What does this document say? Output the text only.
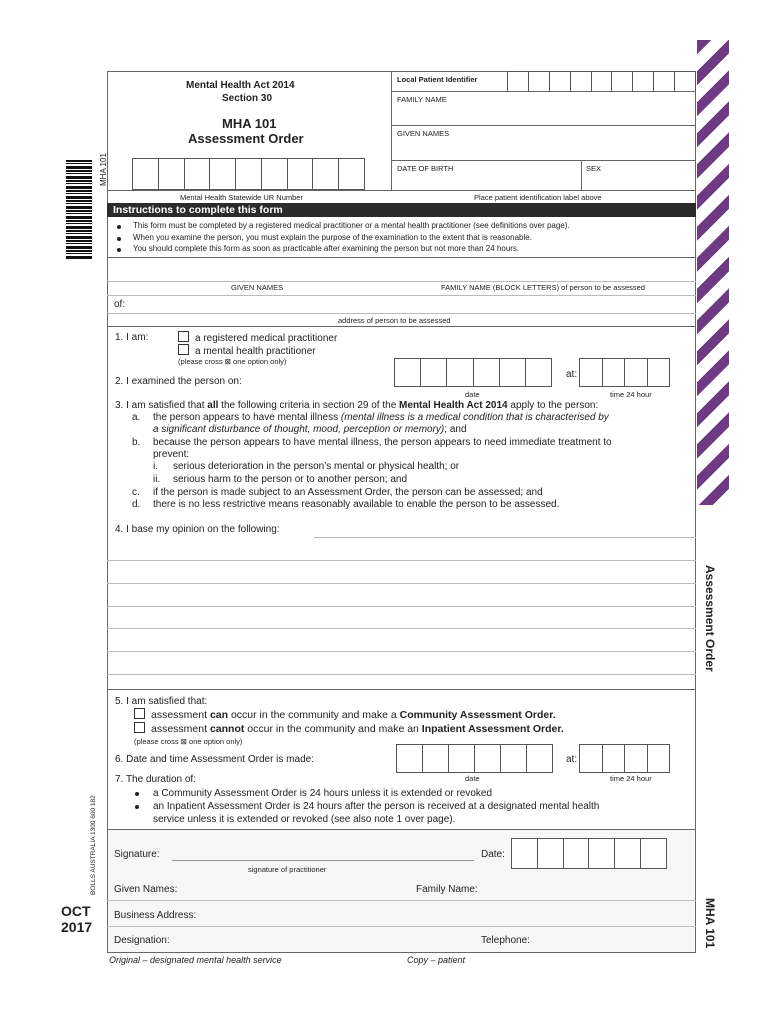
MHA 101
BOLLS AUSTRALIA 1300 600 182
OCT
2017
Assessment Order
MHA 101
Mental Health Act 2014
Section 30
MHA 101
Assessment Order
Mental Health Statewide UR Number
Local Patient Identifier
FAMILY NAME
GIVEN NAMES
DATE OF BIRTH	SEX
Place patient identification label above
Instructions to complete this form
This form must be completed by a registered medical practitioner or a mental health practitioner (see definitions over page).
When you examine the person, you must explain the purpose of the examination to the extent that is reasonable.
You should complete this form as soon as practicable after examining the person but not more than 24 hours.
GIVEN NAMES	FAMILY NAME (BLOCK LETTERS) of person to be assessed
of:
address of person to be assessed
1. I am:	a registered medical practitioner
a mental health practitioner
(please cross ⊠ one option only)
2. I examined the person on:
at:
date	time 24 hour
3. I am satisfied that all the following criteria in section 29 of the Mental Health Act 2014 apply to the person:
a. the person appears to have mental illness (mental illness is a medical condition that is characterised by
a significant disturbance of thought, mood, perception or memory); and
b. because the person appears to have mental illness, the person appears to need immediate treatment to
prevent:
i. serious deterioration in the person’s mental or physical health; or
ii. serious harm to the person or to another person; and
c. if the person is made subject to an Assessment Order, the person can be assessed; and
d. there is no less restrictive means reasonably available to enable the person to be assessed.
4. I base my opinion on the following:
5. I am satisfied that:
assessment can occur in the community and make a Community Assessment Order.
assessment cannot occur in the community and make an Inpatient Assessment Order.
(please cross ⊠ one option only)
6. Date and time Assessment Order is made:	at:
date	time 24 hour
7. The duration of:
a Community Assessment Order is 24 hours unless it is extended or revoked
an Inpatient Assessment Order is 24 hours after the person is received at a designated mental health
service unless it is extended or revoked (see also note 1 over page).
Signature:
signature of practitioner
Date:
Given Names:	Family Name:
Business Address:
Designation:	Telephone:
Original – designated mental health service	Copy – patient
